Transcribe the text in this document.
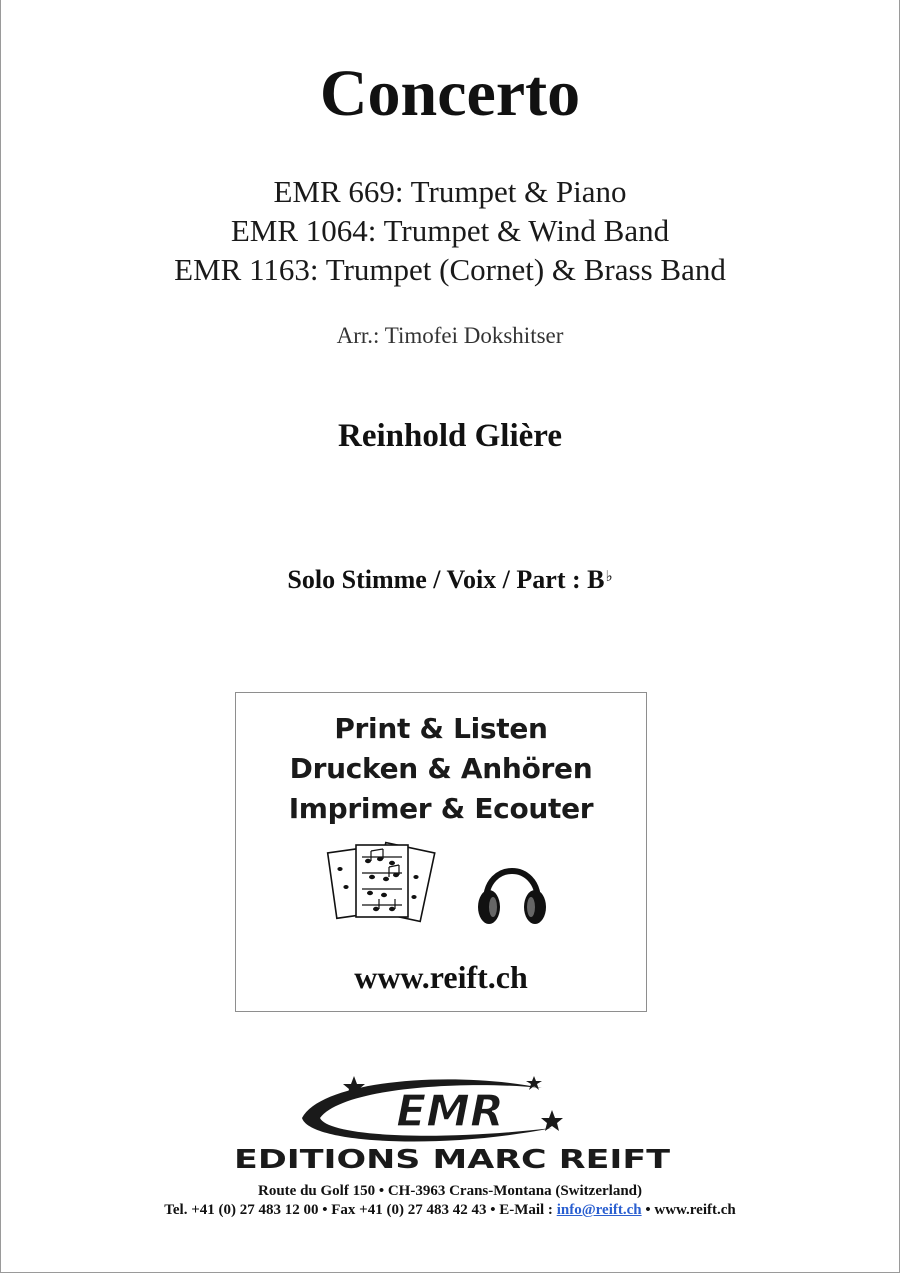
Concerto
EMR 669: Trumpet & Piano
EMR 1064: Trumpet & Wind Band
EMR 1163: Trumpet (Cornet) & Brass Band
Arr.: Timofei Dokshitser
Reinhold Glière
Solo Stimme / Voix / Part : B♭
Print & Listen
Drucken & Anhören
Imprimer & Ecouter
www.reift.ch
EMR
EDITIONS MARC REIFT
Route du Golf 150 • CH-3963 Crans-Montana (Switzerland)
Tel. +41 (0) 27 483 12 00 • Fax +41 (0) 27 483 42 43 • E-Mail : info@reift.ch • www.reift.ch
